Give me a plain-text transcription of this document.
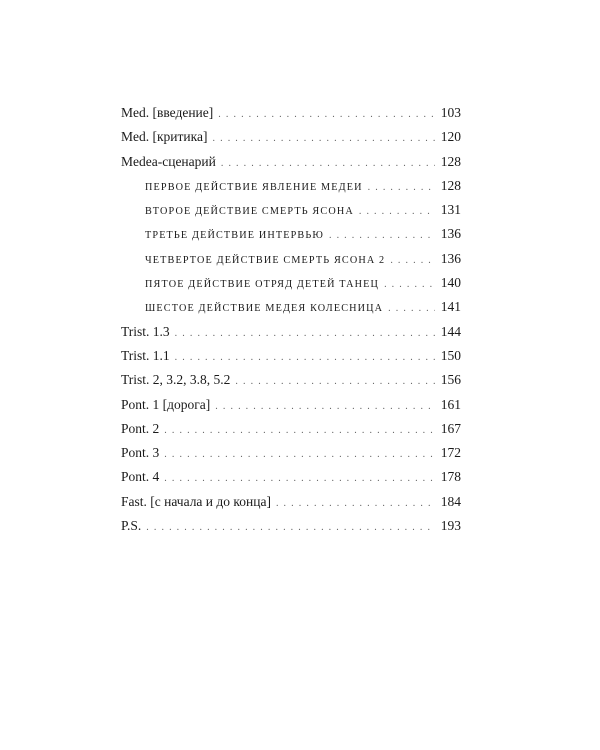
Med. [введение] . . .	103
Med. [критика] . . .	120
Medea-сценарий . . .	128
ПЕРВОЕ ДЕЙСТВИЕ ЯВЛЕНИЕ МЕДЕИ . . .	128
ВТОРОЕ ДЕЙСТВИЕ СМЕРТЬ ЯСОНА . . .	131
ТРЕТЬЕ ДЕЙСТВИЕ ИНТЕРВЬЮ . . .	136
ЧЕТВЕРТОЕ ДЕЙСТВИЕ СМЕРТЬ ЯСОНА 2 . . .	136
ПЯТОЕ ДЕЙСТВИЕ ОТРЯД ДЕТЕЙ ТАНЕЦ . . .	140
ШЕСТОЕ ДЕЙСТВИЕ МЕДЕЯ КОЛЕСНИЦА . . .	141
Trist. 1.3 . . .	144
Trist. 1.1 . . .	150
Trist. 2, 3.2, 3.8, 5.2 . . .	156
Pont. 1 [дорога] . . .	161
Pont. 2 . . .	167
Pont. 3 . . .	172
Pont. 4 . . .	178
Fast. [с начала и до конца] . . .	184
P.S. . . .	193
